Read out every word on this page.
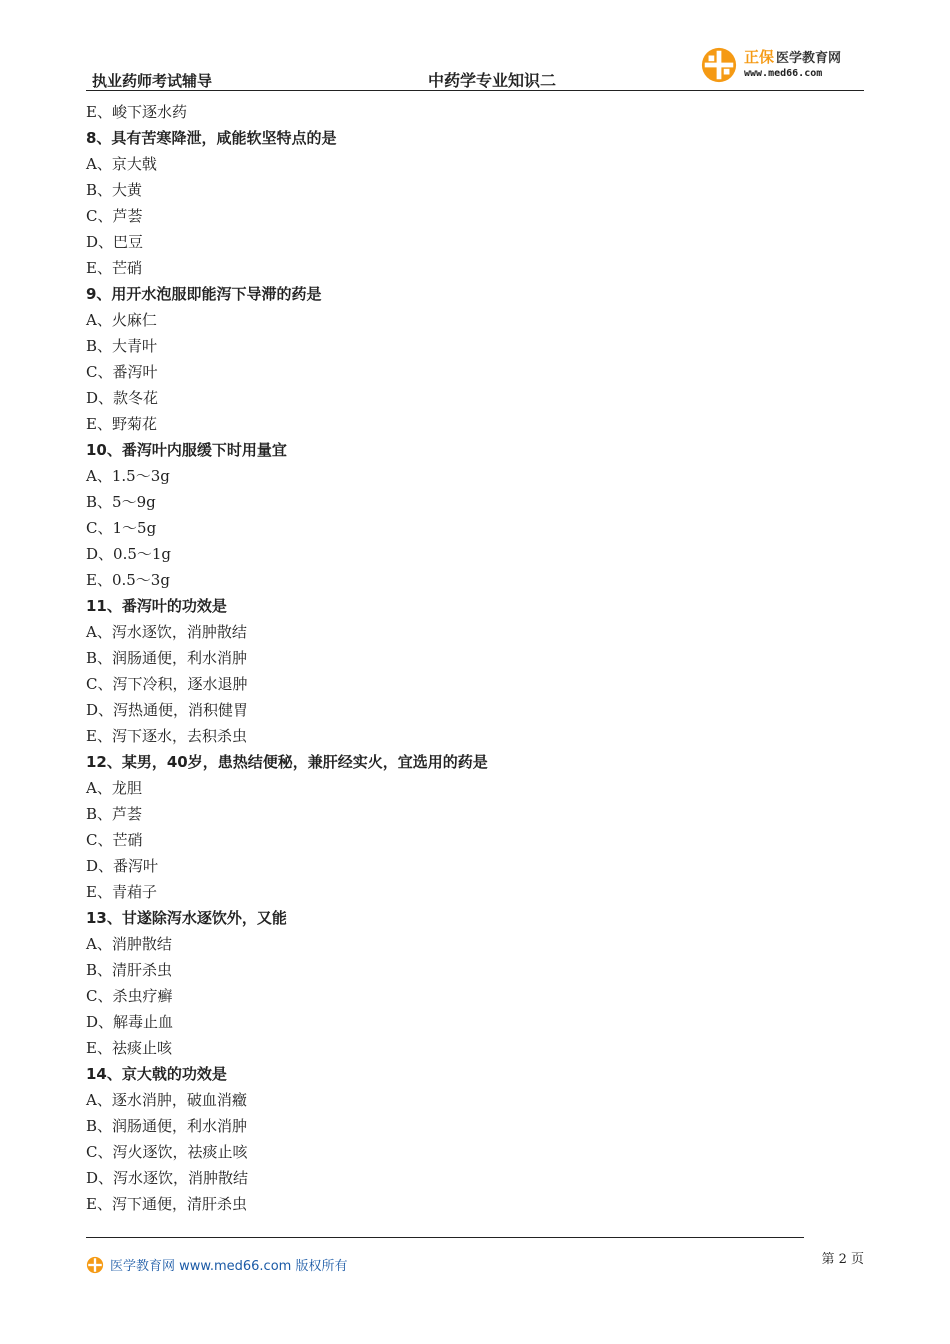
执业药师考试辅导	中药学专业知识二
正保 医学教育网
www.med66.com
E、峻下逐水药
8、具有苦寒降泄，咸能软坚特点的是
A、京大戟
B、大黄
C、芦荟
D、巴豆
E、芒硝
9、用开水泡服即能泻下导滞的药是
A、火麻仁
B、大青叶
C、番泻叶
D、款冬花
E、野菊花
10、番泻叶内服缓下时用量宜
A、1.5～3g
B、5～9g
C、1～5g
D、0.5～1g
E、0.5～3g
11、番泻叶的功效是
A、泻水逐饮，消肿散结
B、润肠通便，利水消肿
C、泻下冷积，逐水退肿
D、泻热通便，消积健胃
E、泻下逐水，去积杀虫
12、某男，40岁，患热结便秘，兼肝经实火，宜选用的药是
A、龙胆
B、芦荟
C、芒硝
D、番泻叶
E、青葙子
13、甘遂除泻水逐饮外，又能
A、消肿散结
B、清肝杀虫
C、杀虫疗癣
D、解毒止血
E、祛痰止咳
14、京大戟的功效是
A、逐水消肿，破血消癥
B、润肠通便，利水消肿
C、泻火逐饮，祛痰止咳
D、泻水逐饮，消肿散结
E、泻下通便，清肝杀虫
医学教育网 www.med66.com 版权所有	第 2 页
